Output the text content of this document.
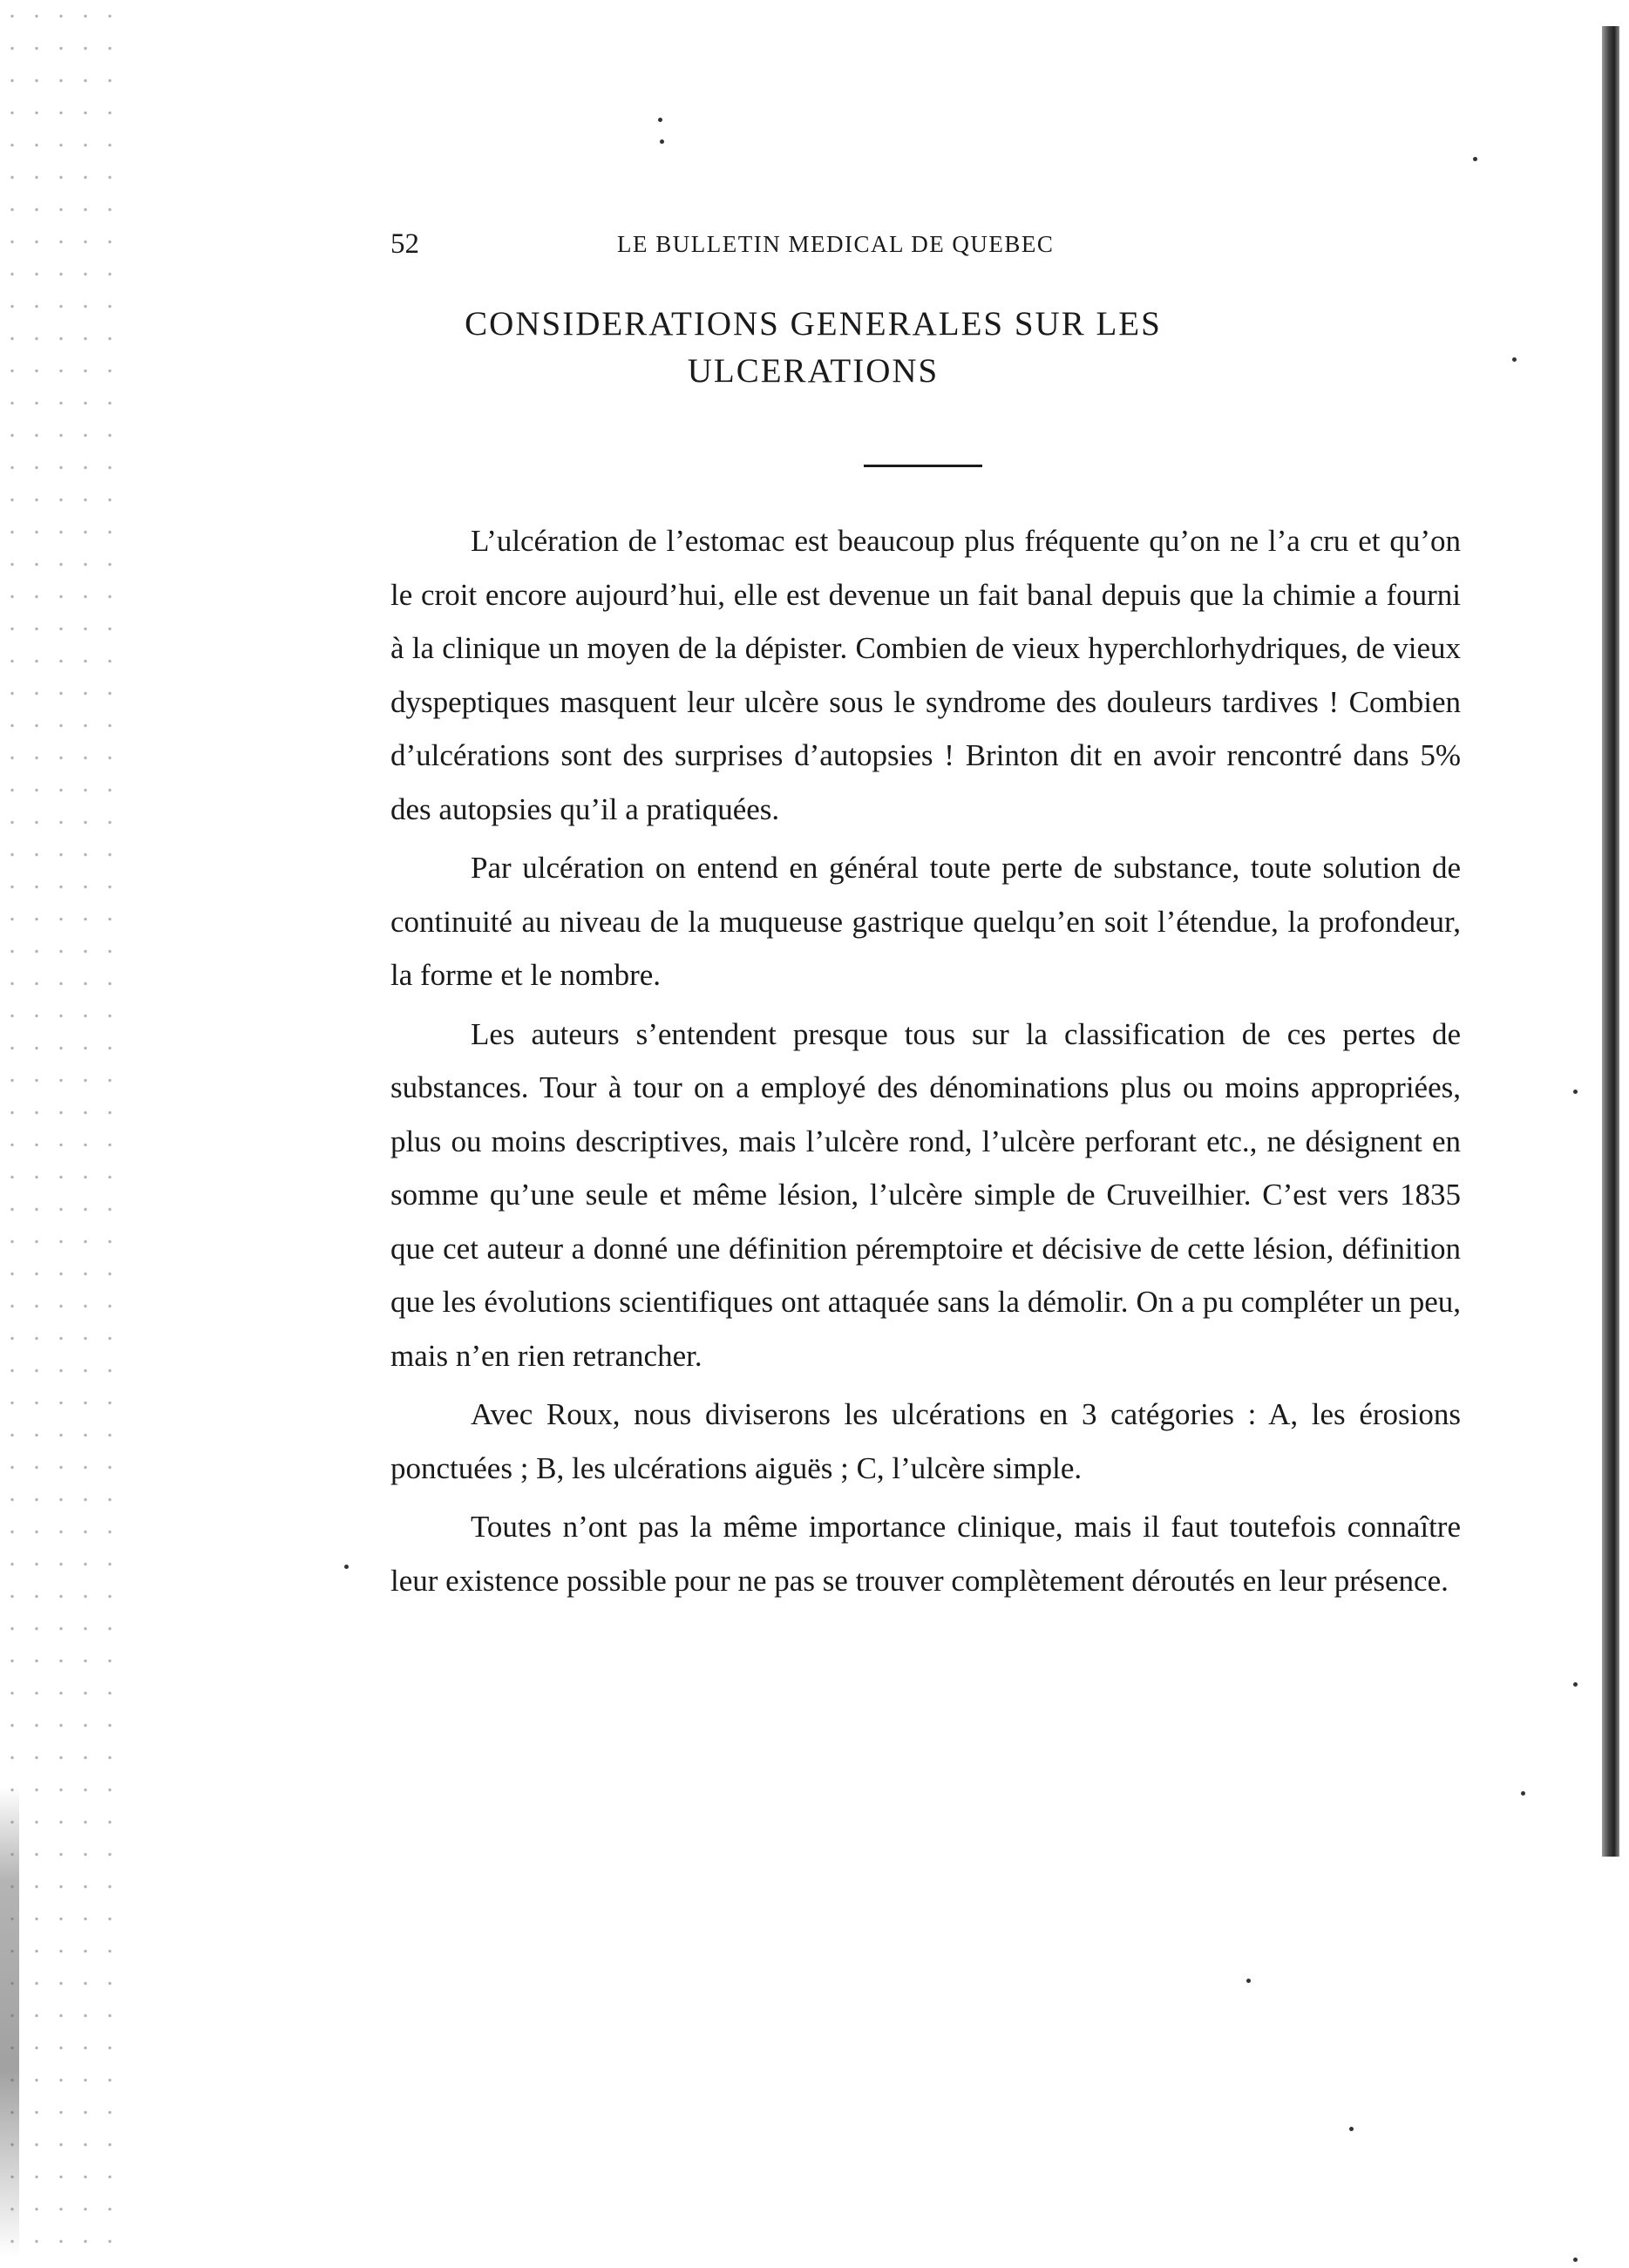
52	LE BULLETIN MEDICAL DE QUEBEC
CONSIDERATIONS GENERALES SUR LES
ULCERATIONS

L’ulcération de l’estomac est beaucoup plus fréquente qu’on ne l’a cru et qu’on le croit encore aujourd’hui, elle est devenue un fait banal depuis que la chimie a fourni à la clinique un moyen de la dépister. Combien de vieux hyperchlorhydriques, de vieux dyspeptiques masquent leur ulcère sous le syndrome des douleurs tardives ! Combien d’ulcérations sont des surprises d’autopsies ! Brinton dit en avoir rencontré dans 5% des autopsies qu’il a pratiquées.

Par ulcération on entend en général toute perte de substance, toute solution de continuité au niveau de la muqueuse gastrique quelqu’en soit l’étendue, la profondeur, la forme et le nombre.

Les auteurs s’entendent presque tous sur la classification de ces pertes de substances. Tour à tour on a employé des dénominations plus ou moins appropriées, plus ou moins descriptives, mais l’ulcère rond, l’ulcère perforant etc., ne désignent en somme qu’une seule et même lésion, l’ulcère simple de Cruveilhier. C’est vers 1835 que cet auteur a donné une définition péremptoire et décisive de cette lésion, définition que les évolutions scientifiques ont attaquée sans la démolir. On a pu compléter un peu, mais n’en rien retrancher.

Avec Roux, nous diviserons les ulcérations en 3 catégories : A, les érosions ponctuées ; B, les ulcérations aiguës ; C, l’ulcère simple.

Toutes n’ont pas la même importance clinique, mais il faut toutefois connaître leur existence possible pour ne pas se trouver complètement déroutés en leur présence.
